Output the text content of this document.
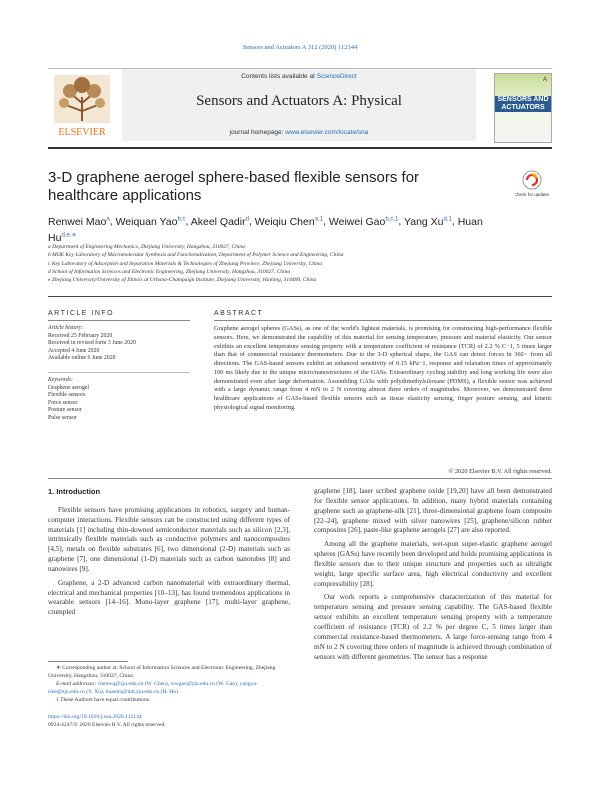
Sensors and Actuators A 312 (2020) 112144
ELSEVIER
Contents lists available at ScienceDirect
Sensors and Actuators A: Physical
journal homepage: www.elsevier.com/locate/sna
A
SENSORS AND ACTUATORS
3-D graphene aerogel sphere-based flexible sensors for healthcare applications	Check for updates
Renwei Mao$^a$, Weiquan Yao$^{b,c}$, Akeel Qadir$^d$, Weiqiu Chen$^{a,1}$, Weiwei Gao$^{b,c,1}$, Yang Xu$^{d,1}$, Huan $Hu^{d,e,∗}$
a Department of Engineering Mechanics, Zhejiang University, Hangzhou, 310027, China
b MOE Key Laboratory of Macromolecular Synthesis and Functionalization, Department of Polymer Science and Engineering, China
c Key Laboratory of Adsorption and Separation Materials & Technologies of Zhejiang Province, Zhejiang University, China
d School of Information Sciences and Electronic Engineering, Zhejiang University, Hangzhou, 310027, China
e Zhejiang University/University of Illinois at Urbana-Champaign Institute, Zhejiang University, Haining, 314400, China
ARTICLE INFO	ABSTRACT
Article history:
Received 25 February 2020
Received in revised form 3 June 2020
Accepted 4 June 2020
Available online 6 June 2020
Keywords:
Graphene aerogel
Flexible sensors
Force sensor
Posture sensor
Pulse sensor
Graphene aerogel spheres (GASs), as one of the world's lightest materials, is promising for constructing high-performance flexible sensors. Here, we demonstrated the capability of this material for sensing temperature, pressure and material elasticity. Our sensor exhibits an excellent temperature sensing property with a temperature coefficient of resistance (TCR) of 2.2 % C−1, 5 times larger than that of commercial resistance thermometers. Due to the 3-D spherical shape, the GAS can detect forces in 360◦ from all directions. The GAS-based sensors exhibit an enhanced sensitivity of 0.15 kPa−1, response and relaxation times of approximately 100 ms likely due to the unique micro/nanostructures of the GASs. Extraordinary cycling stability and long working life were also demonstrated even after large deformation. Assembling GASs with polydimethylsiloxane (PDMS), a flexible sensor was achieved with a large dynamic range from 4 mN to 2 N covering almost three orders of magnitudes. Moreover, we demonstrated three healthcare applications of GASs-based flexible sensors such as tissue elasticity sensing, finger posture sensing, and kinetic physiological signal monitoring.
© 2020 Elsevier B.V. All rights reserved.
1. Introduction

Flexible sensors have promising applications in robotics, surgery and human-computer interactions. Flexible sensors can be constructed using different types of materials [1] including thin-downed semiconductor materials such as silicon [2,3], intrinsically flexible materials such as conductive polymers and nanocomposites [4,5], metals on flexible substrates [6], two dimensional (2-D) materials such as graphene [7], one dimensional (1-D) materials such as carbon nanotubes [8] and nanowires [9].

Graphene, a 2-D advanced carbon nanomaterial with extraordinary thermal, electrical and mechanical properties [10–13], has found tremendous applications in wearable sensors [14–16]. Mono-layer graphene [17], multi-layer graphene, crumpled

graphene [18], laser scribed graphene oxide [19,20] have all been demonstrated for flexible sensor applications. In addition, many hybrid materials containing graphene such as graphene-silk [21], three-dimensional graphene foam composite [22–24], graphene mixed with silver nanowires [25], graphene/silicon rubber composites [26], paste-like graphene aerogels [27] are also reported.

Among all the graphene materials, wet-spun super-elastic graphene aerogel spheres (GASs) have recently been developed and holds promising applications in flexible sensors due to their unique structure and properties such as ultralight weight, large specific surface area, high electrical conductivity and excellent compressibility [28].

Our work reports a comprehensive characterization of this material for temperature sensing and pressure sensing capability. The GAS-based flexible sensor exhibits an excellent temperature sensing property with a temperature coefficient of resistance (TCR) of 2.2 % per degree C, 5 times larger than commercial resistance-based thermometers. A large force-sensing range from 4 mN to 2 N covering three orders of magnitude is achieved through combination of sensors with different geometries. The sensor has a response

∗ Corresponding author at: School of Information Sciences and Electronic Engineering, Zhejiang University, Hangzhou, 310027, China.
E-mail addresses: chenwq@zju.edu.cn (W. Chen), wwgao@zju.edu.cn (W. Gao), yangxu-isee@zju.edu.cn (Y. Xu), huanhu@intl.zju.edu.cn (H. Hu).
1 These Authors have equal contributions.
https://doi.org/10.1016/j.sna.2020.112144
0924-4247/© 2020 Elsevier B.V. All rights reserved.
